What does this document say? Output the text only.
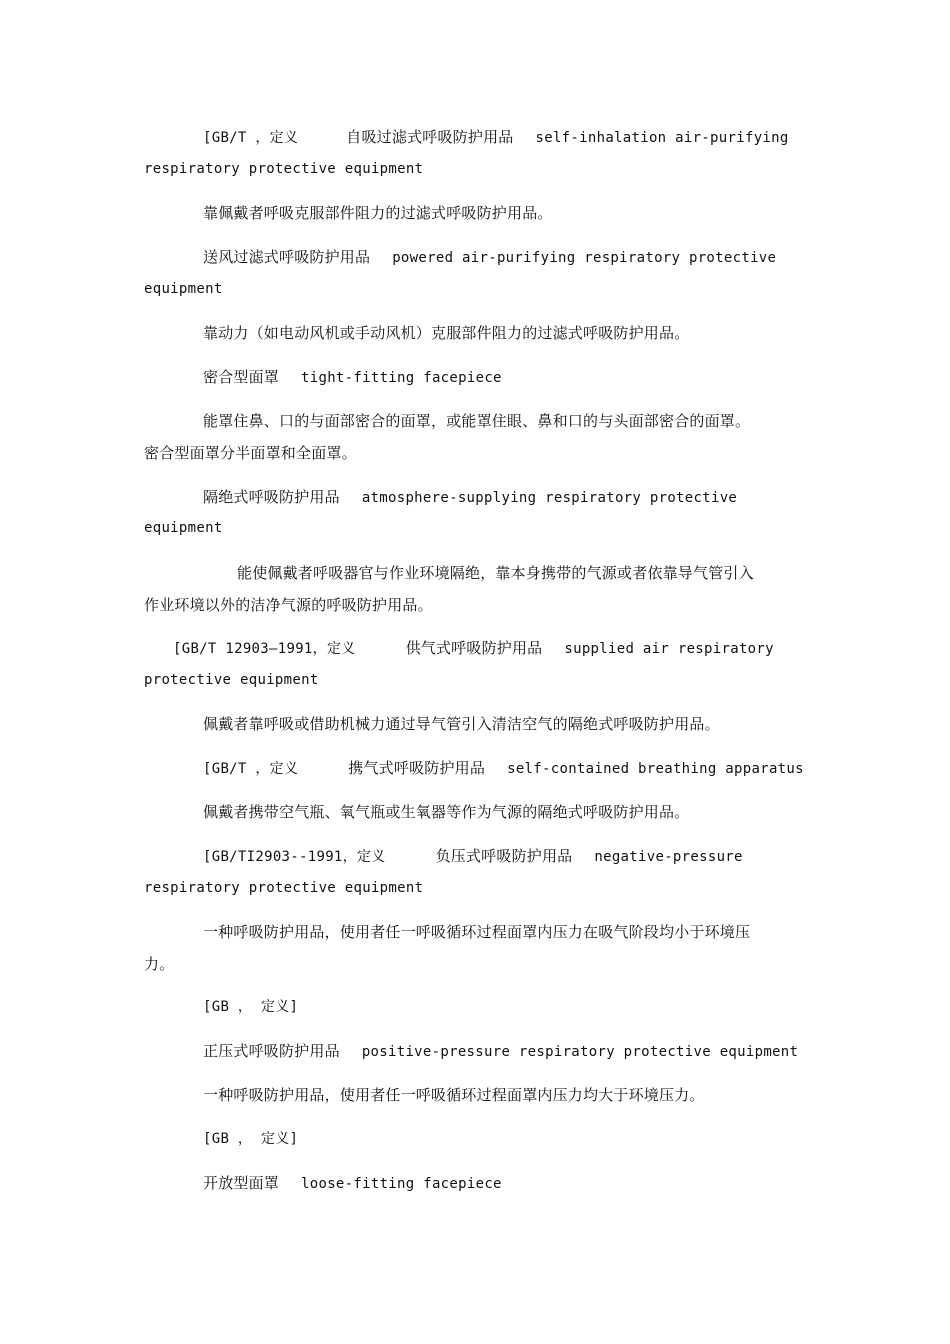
[GB/T ，定义	自吸过滤式呼吸防护用品 self-inhalation air-purifying
respiratory protective equipment
靠佩戴者呼吸克服部件阻力的过滤式呼吸防护用品。
送风过滤式呼吸防护用品 powered air-purifying respiratory protective
equipment
靠动力（如电动风机或手动风机）克服部件阻力的过滤式呼吸防护用品。
密合型面罩 tight-fitting facepiece
能罩住鼻、口的与面部密合的面罩，或能罩住眼、鼻和口的与头面部密合的面罩。
密合型面罩分半面罩和全面罩。
隔绝式呼吸防护用品 atmosphere-supplying respiratory protective
equipment
能使佩戴者呼吸器官与作业环境隔绝，靠本身携带的气源或者依靠导气管引入
作业环境以外的洁净气源的呼吸防护用品。
[GB/T 12903—1991，定义	供气式呼吸防护用品 supplied air respiratory
protective equipment
佩戴者靠呼吸或借助机械力通过导气管引入清洁空气的隔绝式呼吸防护用品。
[GB/T ，定义	携气式呼吸防护用品 self-contained breathing apparatus
佩戴者携带空气瓶、氧气瓶或生氧器等作为气源的隔绝式呼吸防护用品。
[GB/TI2903--1991，定义	负压式呼吸防护用品 negative-pressure
respiratory protective equipment
一种呼吸防护用品，使用者任一呼吸循环过程面罩内压力在吸气阶段均小于环境压
力。
[GB ， 定义]
正压式呼吸防护用品 positive-pressure respiratory protective equipment
一种呼吸防护用品，使用者任一呼吸循环过程面罩内压力均大于环境压力。
[GB ， 定义]
开放型面罩 loose-fitting facepiece
